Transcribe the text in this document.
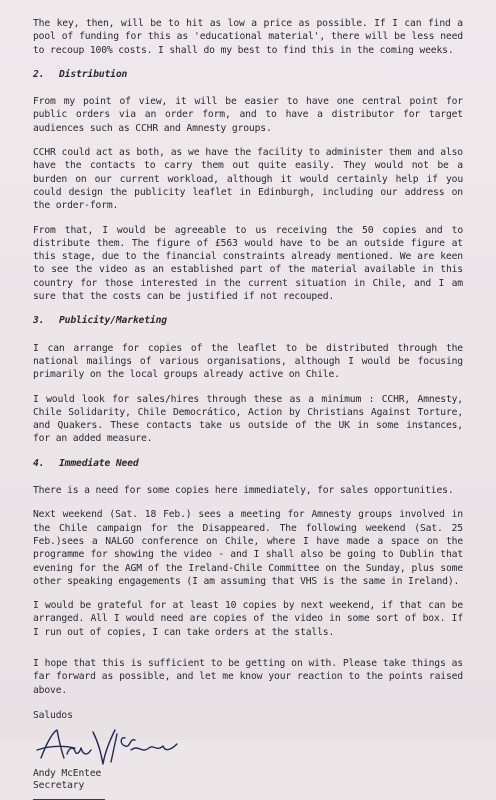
The key, then, will be to hit as low a price as possible. If I can find a pool of funding for this as 'educational material', there will be less need to recoup 100% costs. I shall do my best to find this in the coming weeks.

2. Distribution

From my point of view, it will be easier to have one central point for public orders via an order form, and to have a distributor for target audiences such as CCHR and Amnesty groups.

CCHR could act as both, as we have the facility to administer them and also have the contacts to carry them out quite easily. They would not be a burden on our current workload, although it would certainly help if you could design the publicity leaflet in Edinburgh, including our address on the order-form.

From that, I would be agreeable to us receiving the 50 copies and to distribute them. The figure of £563 would have to be an outside figure at this stage, due to the financial constraints already mentioned. We are keen to see the video as an established part of the material available in this country for those interested in the current situation in Chile, and I am sure that the costs can be justified if not recouped.

3. Publicity/Marketing

I can arrange for copies of the leaflet to be distributed through the national mailings of various organisations, although I would be focusing primarily on the local groups already active on Chile.

I would look for sales/hires through these as a minimum : CCHR, Amnesty, Chile Solidarity, Chile Democrático, Action by Christians Against Torture, and Quakers. These contacts take us outside of the UK in some instances, for an added measure.

4. Immediate Need

There is a need for some copies here immediately, for sales opportunities.

Next weekend (Sat. 18 Feb.) sees a meeting for Amnesty groups involved in the Chile campaign for the Disappeared. The following weekend (Sat. 25 Feb.)sees a NALGO conference on Chile, where I have made a space on the programme for showing the video - and I shall also be going to Dublin that evening for the AGM of the Ireland-Chile Committee on the Sunday, plus some other speaking engagements (I am assuming that VHS is the same in Ireland).

I would be grateful for at least 10 copies by next weekend, if that can be arranged. All I would need are copies of the video in some sort of box. If I run out of copies, I can take orders at the stalls.

I hope that this is sufficient to be getting on with. Please take things as far forward as possible, and let me know your reaction to the points raised above.

Saludos
Andy McEntee
Secretary
